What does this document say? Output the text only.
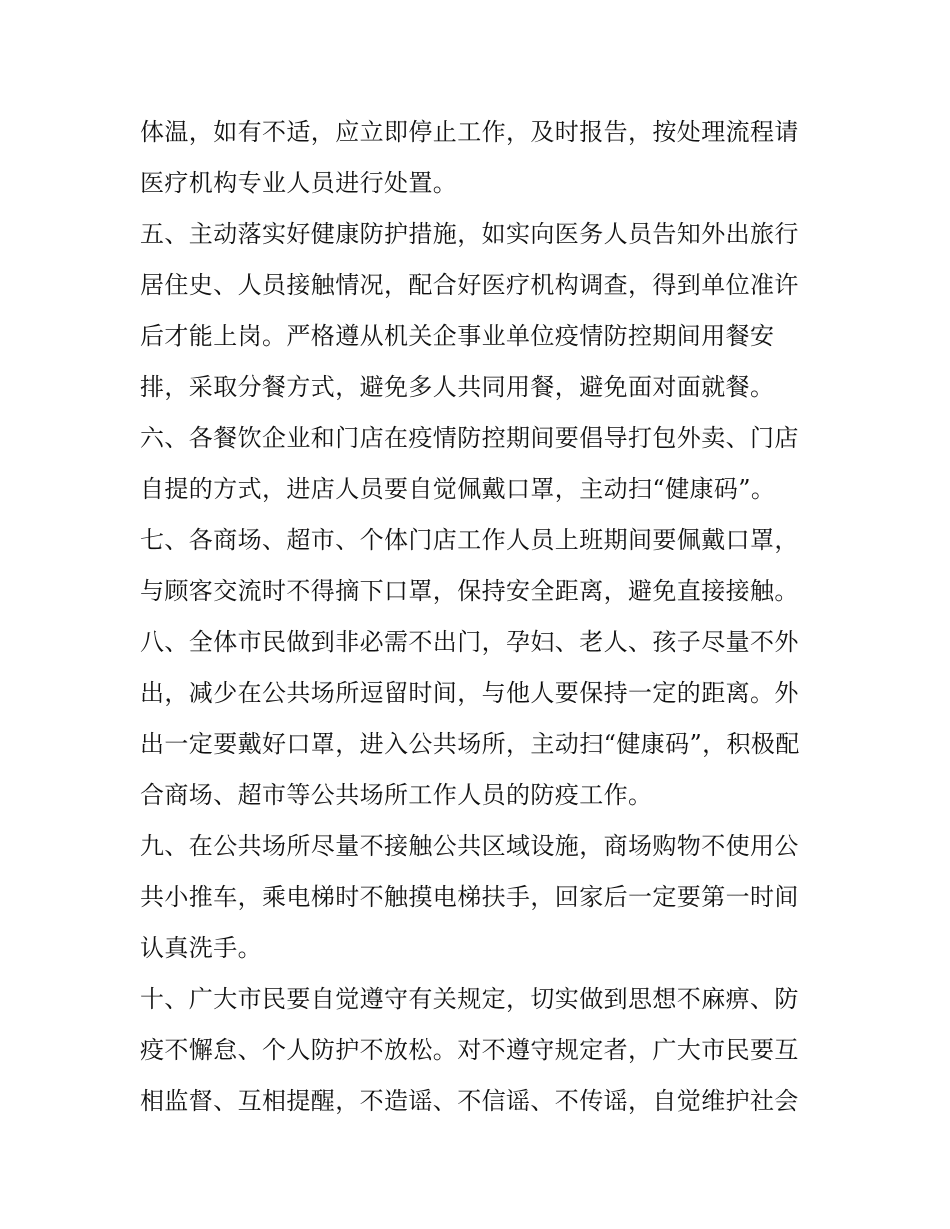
体温，如有不适，应立即停止工作，及时报告，按处理流程请
医疗机构专业人员进行处置。
五、主动落实好健康防护措施，如实向医务人员告知外出旅行
居住史、人员接触情况，配合好医疗机构调查，得到单位准许
后才能上岗。严格遵从机关企事业单位疫情防控期间用餐安
排，采取分餐方式，避免多人共同用餐，避免面对面就餐。
六、各餐饮企业和门店在疫情防控期间要倡导打包外卖、门店
自提的方式，进店人员要自觉佩戴口罩，主动扫“健康码”。
七、各商场、超市、个体门店工作人员上班期间要佩戴口罩，
与顾客交流时不得摘下口罩，保持安全距离，避免直接接触。
八、全体市民做到非必需不出门，孕妇、老人、孩子尽量不外
出，减少在公共场所逗留时间，与他人要保持一定的距离。外
出一定要戴好口罩，进入公共场所，主动扫“健康码”，积极配
合商场、超市等公共场所工作人员的防疫工作。
九、在公共场所尽量不接触公共区域设施，商场购物不使用公
共小推车，乘电梯时不触摸电梯扶手，回家后一定要第一时间
认真洗手。
十、广大市民要自觉遵守有关规定，切实做到思想不麻痹、防
疫不懈怠、个人防护不放松。对不遵守规定者，广大市民要互
相监督、互相提醒，不造谣、不信谣、不传谣，自觉维护社会
